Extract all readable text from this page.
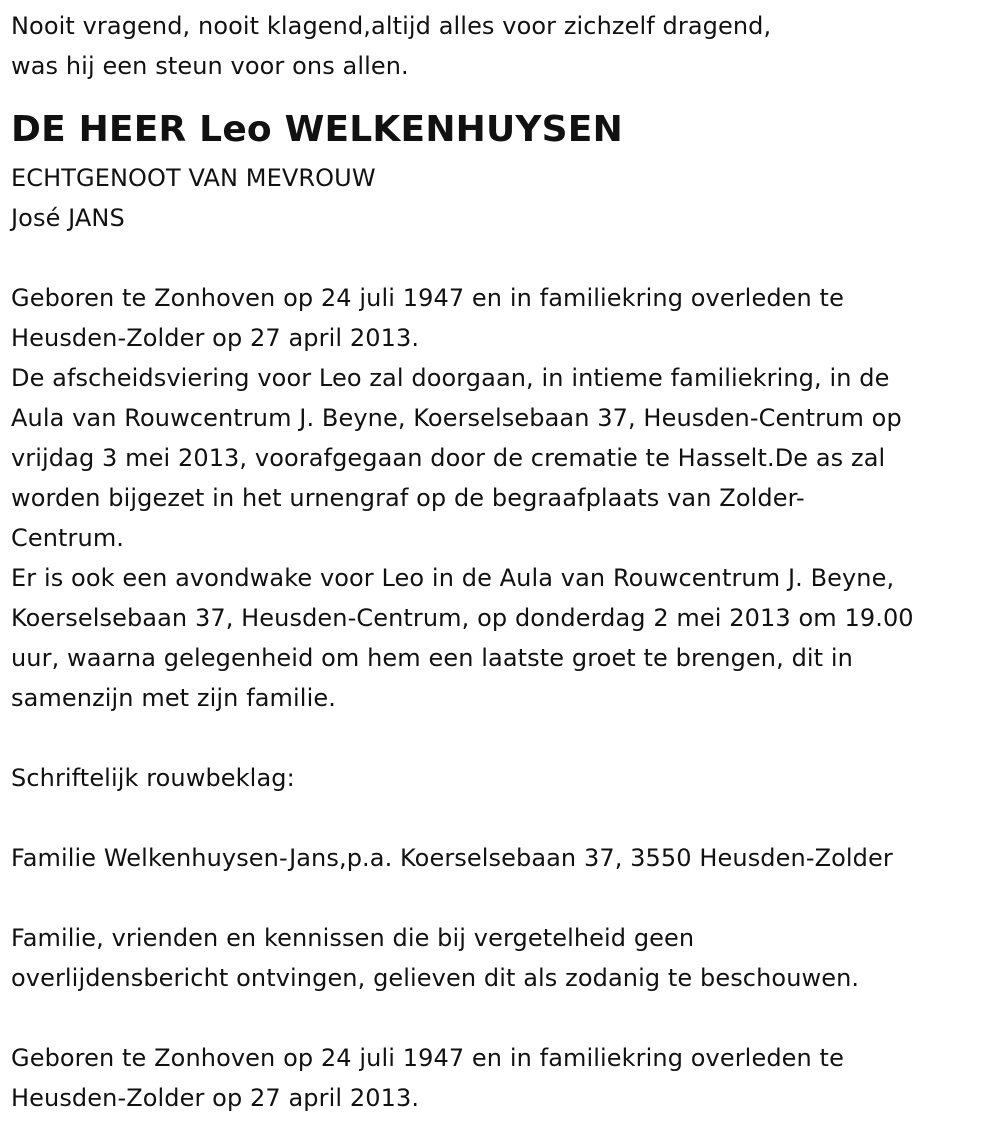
Nooit vragend, nooit klagend,altijd alles voor zichzelf dragend,
was hij een steun voor ons allen.
DE HEER Leo WELKENHUYSEN
ECHTGENOOT VAN MEVROUW
José JANS
Geboren te Zonhoven op 24 juli 1947 en in familiekring overleden te
Heusden-Zolder op 27 april 2013.
De afscheidsviering voor Leo zal doorgaan, in intieme familiekring, in de
Aula van Rouwcentrum J. Beyne, Koerselsebaan 37, Heusden-Centrum op
vrijdag 3 mei 2013, voorafgegaan door de crematie te Hasselt.De as zal
worden bijgezet in het urnengraf op de begraafplaats van Zolder-
Centrum.
Er is ook een avondwake voor Leo in de Aula van Rouwcentrum J. Beyne,
Koerselsebaan 37, Heusden-Centrum, op donderdag 2 mei 2013 om 19.00
uur, waarna gelegenheid om hem een laatste groet te brengen, dit in
samenzijn met zijn familie.
Schriftelijk rouwbeklag:
Familie Welkenhuysen-Jans,p.a. Koerselsebaan 37, 3550 Heusden-Zolder
Familie, vrienden en kennissen die bij vergetelheid geen
overlijdensbericht ontvingen, gelieven dit als zodanig te beschouwen.
Geboren te Zonhoven op 24 juli 1947 en in familiekring overleden te
Heusden-Zolder op 27 april 2013.
